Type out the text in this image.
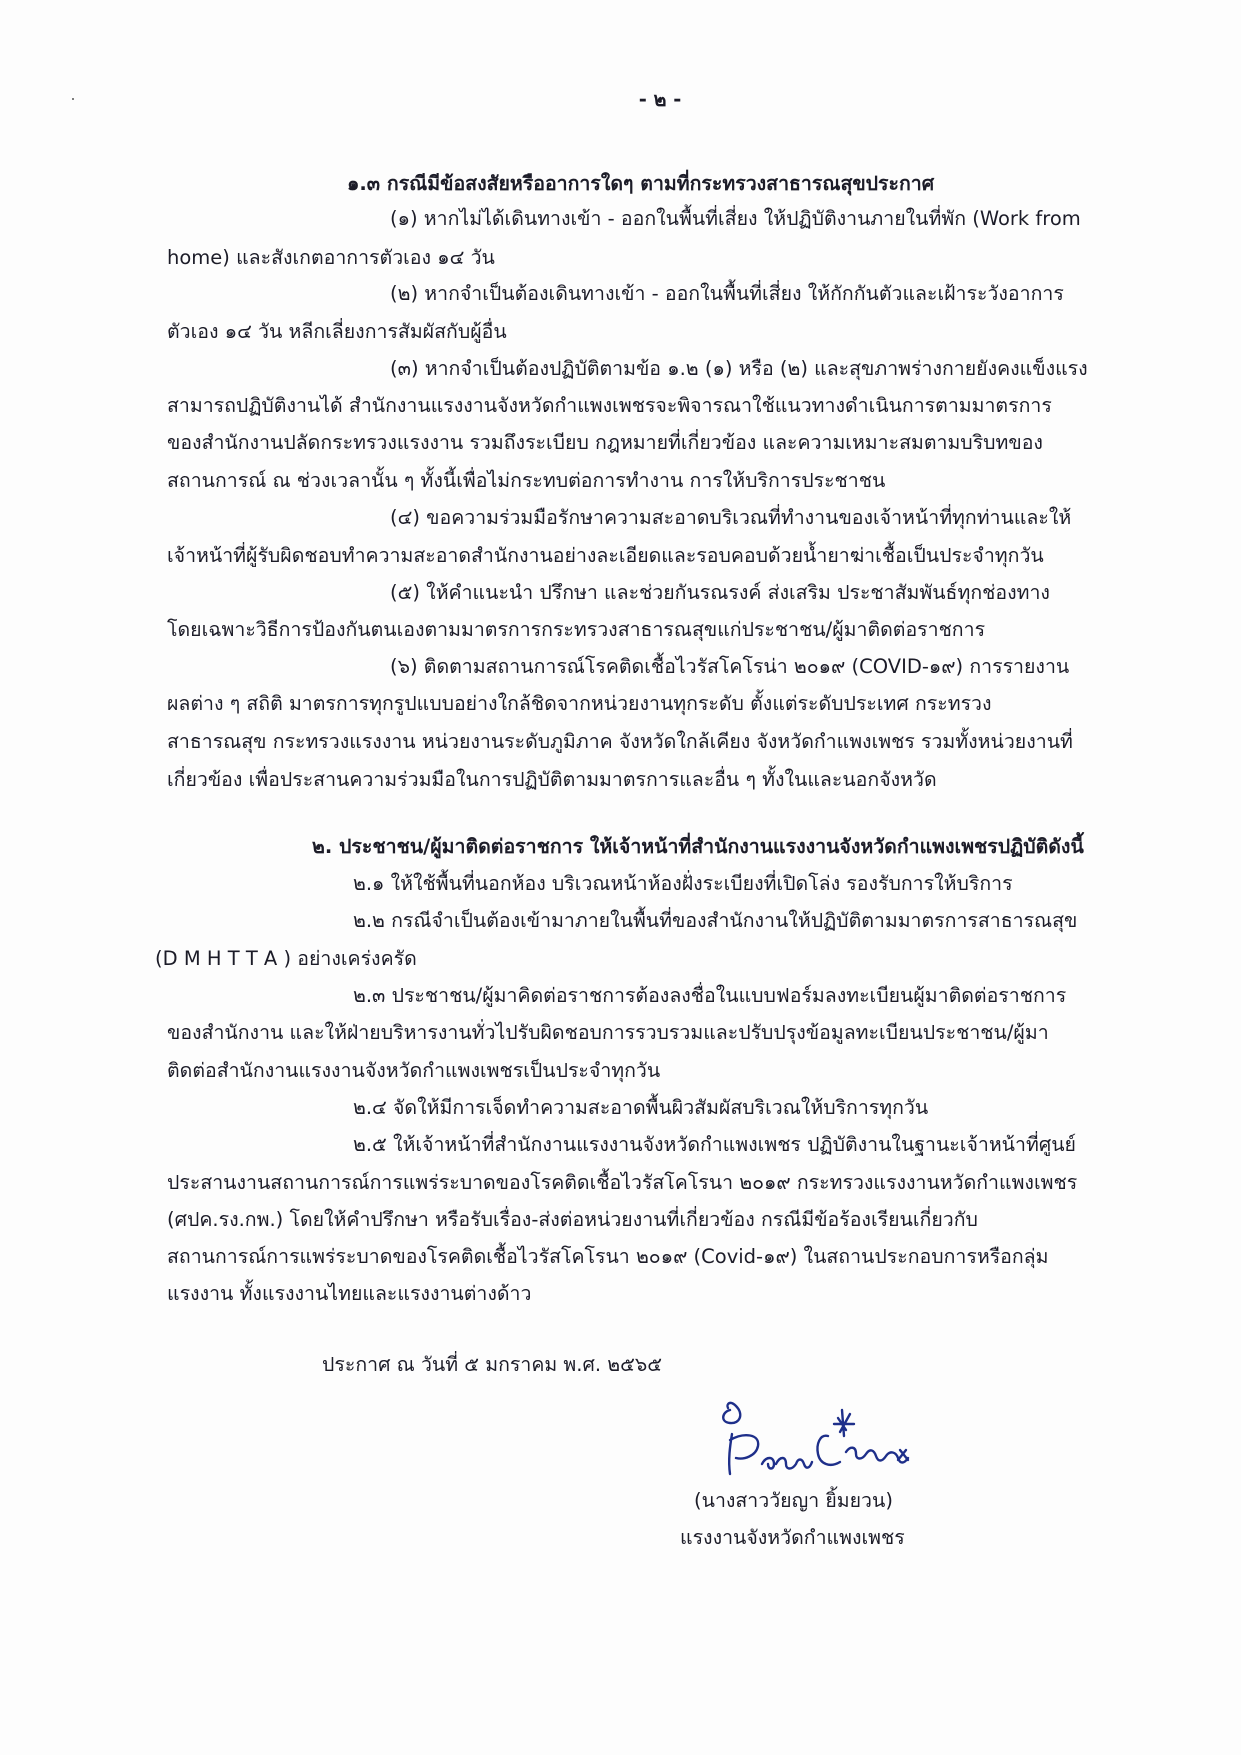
- ๒ -
๑.๓ กรณีมีข้อสงสัยหรืออาการใดๆ ตามที่กระทรวงสาธารณสุขประกาศ
(๑) หากไม่ได้เดินทางเข้า - ออกในพื้นที่เสี่ยง ให้ปฏิบัติงานภายในที่พัก (Work from
home) และสังเกตอาการตัวเอง ๑๔ วัน
(๒) หากจำเป็นต้องเดินทางเข้า - ออกในพื้นที่เสี่ยง ให้กักกันตัวและเฝ้าระวังอาการ
ตัวเอง ๑๔ วัน หลีกเลี่ยงการสัมผัสกับผู้อื่น
(๓) หากจำเป็นต้องปฏิบัติตามข้อ ๑.๒ (๑) หรือ (๒) และสุขภาพร่างกายยังคงแข็งแรง
สามารถปฏิบัติงานได้ สำนักงานแรงงานจังหวัดกำแพงเพชรจะพิจารณาใช้แนวทางดำเนินการตามมาตรการ
ของสำนักงานปลัดกระทรวงแรงงาน รวมถึงระเบียบ กฎหมายที่เกี่ยวข้อง และความเหมาะสมตามบริบทของ
สถานการณ์ ณ ช่วงเวลานั้น ๆ ทั้งนี้เพื่อไม่กระทบต่อการทำงาน การให้บริการประชาชน
(๔) ขอความร่วมมือรักษาความสะอาดบริเวณที่ทำงานของเจ้าหน้าที่ทุกท่านและให้
เจ้าหน้าที่ผู้รับผิดชอบทำความสะอาดสำนักงานอย่างละเอียดและรอบคอบด้วยน้ำยาฆ่าเชื้อเป็นประจำทุกวัน
(๕) ให้คำแนะนำ ปรึกษา และช่วยกันรณรงค์ ส่งเสริม ประชาสัมพันธ์ทุกช่องทาง
โดยเฉพาะวิธีการป้องกันตนเองตามมาตรการกระทรวงสาธารณสุขแก่ประชาชน/ผู้มาติดต่อราชการ
(๖) ติดตามสถานการณ์โรคติดเชื้อไวรัสโคโรน่า ๒๐๑๙ (COVID-๑๙) การรายงาน
ผลต่าง ๆ สถิติ มาตรการทุกรูปแบบอย่างใกล้ชิดจากหน่วยงานทุกระดับ ตั้งแต่ระดับประเทศ กระทรวง
สาธารณสุข กระทรวงแรงงาน หน่วยงานระดับภูมิภาค จังหวัดใกล้เคียง จังหวัดกำแพงเพชร รวมทั้งหน่วยงานที่
เกี่ยวข้อง เพื่อประสานความร่วมมือในการปฏิบัติตามมาตรการและอื่น ๆ ทั้งในและนอกจังหวัด
๒. ประชาชน/ผู้มาติดต่อราชการ ให้เจ้าหน้าที่สำนักงานแรงงานจังหวัดกำแพงเพชรปฏิบัติดังนี้
๒.๑ ให้ใช้พื้นที่นอกห้อง บริเวณหน้าห้องฝั่งระเบียงที่เปิดโล่ง รองรับการให้บริการ
๒.๒ กรณีจำเป็นต้องเข้ามาภายในพื้นที่ของสำนักงานให้ปฏิบัติตามมาตรการสาธารณสุข
(D M H T T A ) อย่างเคร่งครัด
๒.๓ ประชาชน/ผู้มาคิดต่อราชการต้องลงชื่อในแบบฟอร์มลงทะเบียนผู้มาติดต่อราชการ
ของสำนักงาน และให้ฝ่ายบริหารงานทั่วไปรับผิดชอบการรวบรวมและปรับปรุงข้อมูลทะเบียนประชาชน/ผู้มา
ติดต่อสำนักงานแรงงานจังหวัดกำแพงเพชรเป็นประจำทุกวัน
๒.๔ จัดให้มีการเจ็ดทำความสะอาดพื้นผิวสัมผัสบริเวณให้บริการทุกวัน
๒.๕ ให้เจ้าหน้าที่สำนักงานแรงงานจังหวัดกำแพงเพชร ปฏิบัติงานในฐานะเจ้าหน้าที่ศูนย์
ประสานงานสถานการณ์การแพร่ระบาดของโรคติดเชื้อไวรัสโคโรนา ๒๐๑๙ กระทรวงแรงงานหวัดกำแพงเพชร
(ศปค.รง.กพ.) โดยให้คำปรึกษา หรือรับเรื่อง-ส่งต่อหน่วยงานที่เกี่ยวข้อง กรณีมีข้อร้องเรียนเกี่ยวกับ
สถานการณ์การแพร่ระบาดของโรคติดเชื้อไวรัสโคโรนา ๒๐๑๙ (Covid-๑๙) ในสถานประกอบการหรือกลุ่ม
แรงงาน ทั้งแรงงานไทยและแรงงานต่างด้าว
ประกาศ ณ วันที่ ๕ มกราคม พ.ศ. ๒๕๖๕
(นางสาววัยญา ยิ้มยวน)
แรงงานจังหวัดกำแพงเพชร
